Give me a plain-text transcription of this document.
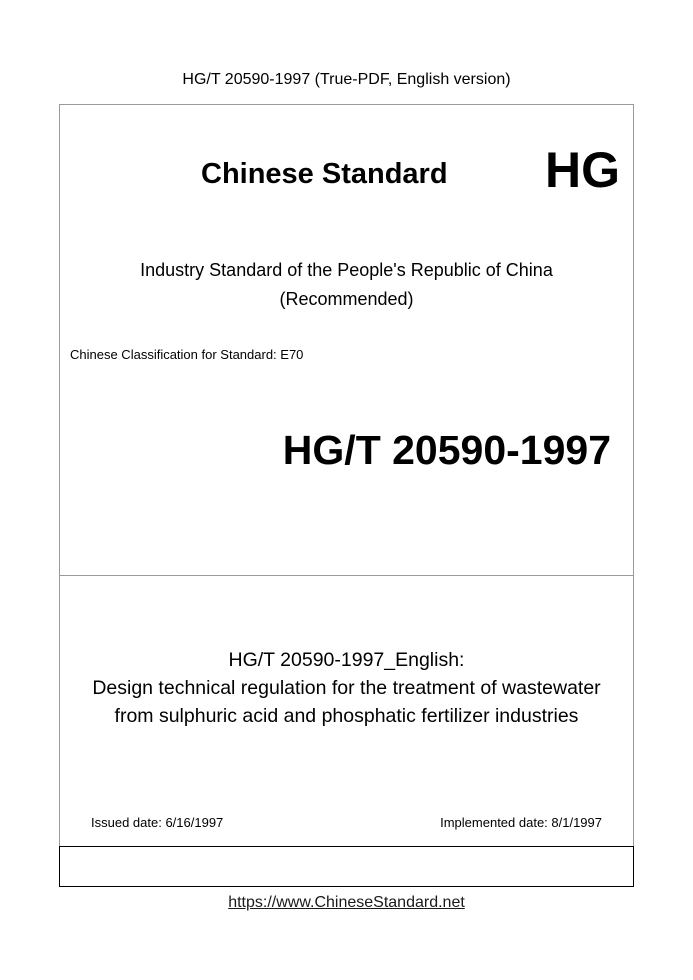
HG/T 20590-1997 (True-PDF, English version)
Chinese Standard HG
Industry Standard of the People's Republic of China
(Recommended)
Chinese Classification for Standard: E70
HG/T 20590-1997
HG/T 20590-1997_English:
Design technical regulation for the treatment of wastewater
from sulphuric acid and phosphatic fertilizer industries
Issued date: 6/16/1997	Implemented date: 8/1/1997
https://www.ChineseStandard.net
